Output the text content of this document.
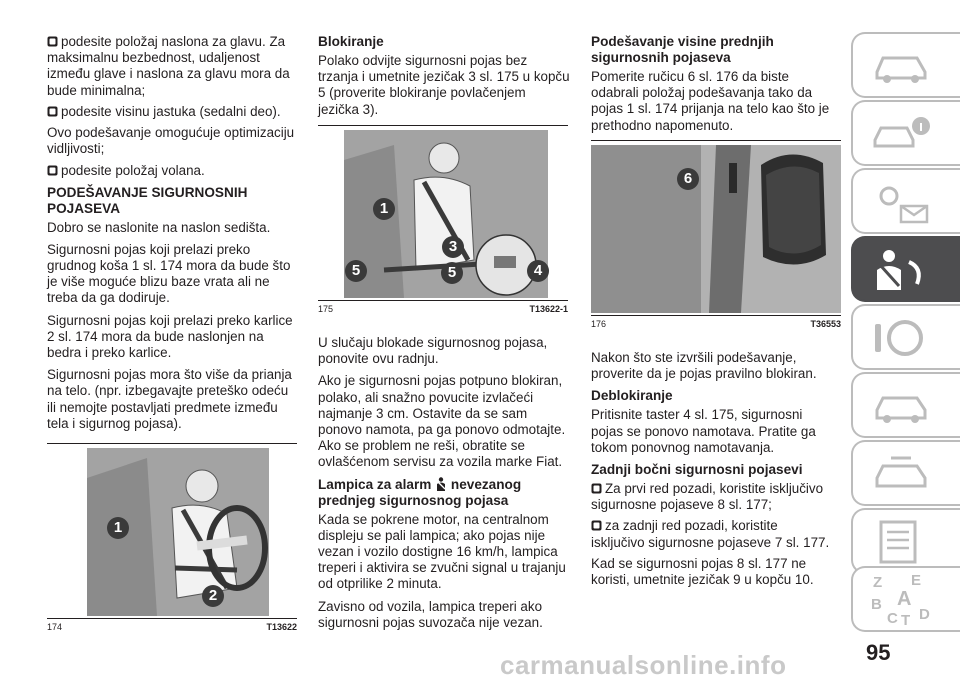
podesite položaj naslona za glavu. Za maksimalnu bezbednost, udaljenost između glave i naslona za glavu mora da bude minimalna;

podesite visinu jastuka (sedalni deo).

Ovo podešavanje omogućuje optimizaciju vidljivosti;

podesite položaj volana.

PODEŠAVANJE SIGURNOSNIH POJASEVA

Dobro se naslonite na naslon sedišta.

Sigurnosni pojas koji prelazi preko grudnog koša 1 sl. 174 mora da bude što je više moguće blizu baze vrata ali ne treba da ga dodiruje.

Sigurnosni pojas koji prelazi preko karlice 2 sl. 174 mora da bude naslonjen na bedra i preko karlice.

Sigurnosni pojas mora što više da prianja na telo. (npr. izbegavajte preteško odeću ili nemojte postavljati predmete između tela i sigurnog pojasa).

1
2
174	T13622
Blokiranje

Polako odvijte sigurnosni pojas bez trzanja i umetnite jezičak 3 sl. 175 u kopču 5 (proverite blokiranje povlačenjem jezička 3).

1
3
5	5	4
175	T13622-1

U slučaju blokade sigurnosnog pojasa, ponovite ovu radnju.

Ako je sigurnosni pojas potpuno blokiran, polako, ali snažno povucite izvlačeći najmanje 3 cm. Ostavite da se sam ponovo namota, pa ga ponovo odmotajte. Ako se problem ne reši, obratite se ovlašćenom servisu za vozila marke Fiat.

Lampica za alarm nevezanog prednjeg sigurnosnog pojasa

Kada se pokrene motor, na centralnom displeju se pali lampica; ako pojas nije vezan i vozilo dostigne 16 km/h, lampica treperi i aktivira se zvučni signal u trajanju od otprilike 2 minuta.

Zavisno od vozila, lampica treperi ako sigurnosni pojas suvozača nije vezan.

Podešavanje visine prednjih sigurnosnih pojaseva

Pomerite ručicu 6 sl. 176 da biste odabrali položaj podešavanja tako da pojas 1 sl. 174 prijanja na telo kao što je prethodno napomenuto.

6
176	T36553

Nakon što ste izvršili podešavanje, proverite da je pojas pravilno blokiran.

Deblokiranje

Pritisnite taster 4 sl. 175, sigurnosni pojas se ponovo namotava. Pratite ga tokom ponovnog namotavanja.

Zadnji bočni sigurnosni pojasevi

Za prvi red pozadi, koristite isključivo sigurnosne pojaseve 8 sl. 177;

za zadnji red pozadi, koristite isključivo sigurnosne pojaseve 7 sl. 177.

Kad se sigurnosni pojas 8 sl. 177 ne koristi, umetnite jezičak 9 u kopču 10.	Z E
B A
C T D
95
carmanualsonline.info
